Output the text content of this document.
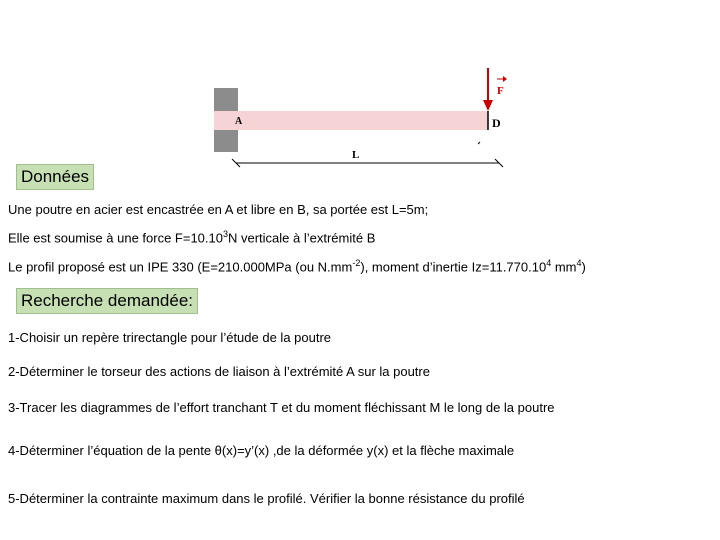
F
A	D
L
Données
Une poutre en acier est encastrée en A et libre en B, sa portée est L=5m;
Elle est soumise à une force $F=10.10^3N$ verticale à l’extrémité B
Le profil proposé est un IPE 330 (E=210.000MPa (ou $N.mm^{-2}$), moment d’inertie $Iz=11.770.10^4$ $mm^4$)
Recherche demandée:
1-Choisir un repère trirectangle pour l’étude de la poutre
2-Déterminer le torseur des actions de liaison à l’extrémité A sur la poutre
3-Tracer les diagrammes de l’effort tranchant T et du moment fléchissant M le long de la poutre
4-Déterminer l’équation de la pente θ(x)=y’(x) ,de la déformée y(x) et la flèche maximale
5-Déterminer la contrainte maximum dans le profilé. Vérifier la bonne résistance du profilé
